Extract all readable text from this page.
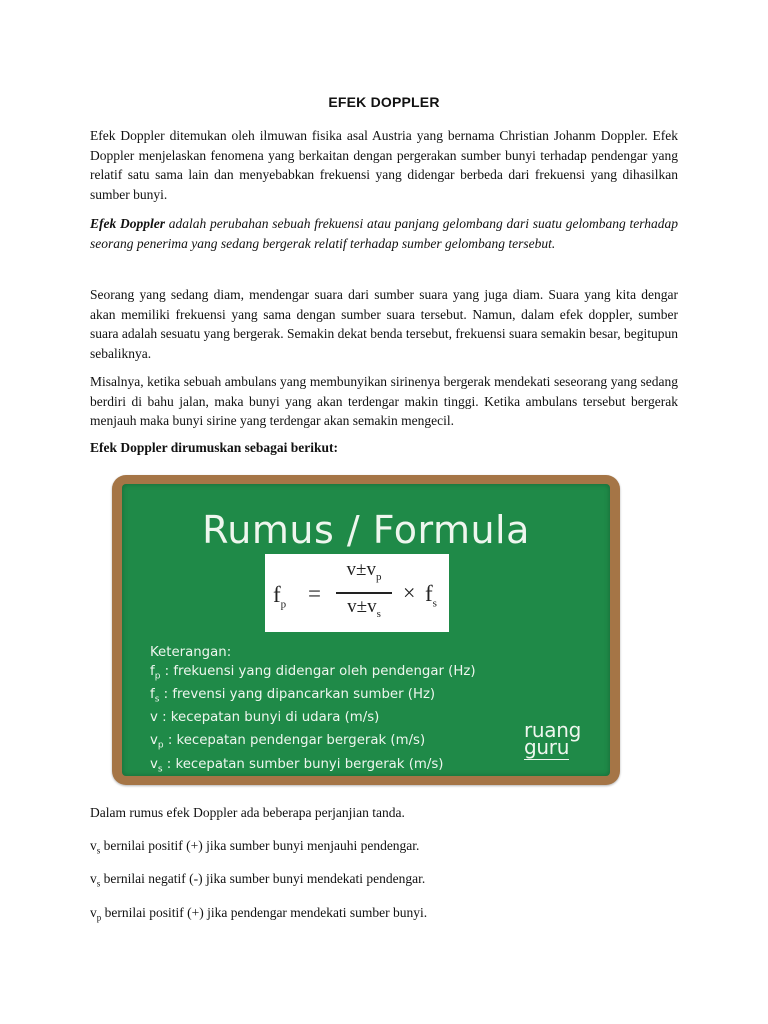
EFEK DOPPLER

Efek Doppler ditemukan oleh ilmuwan fisika asal Austria yang bernama Christian Johanm Doppler. Efek Doppler menjelaskan fenomena yang berkaitan dengan pergerakan sumber bunyi terhadap pendengar yang relatif satu sama lain dan menyebabkan frekuensi yang didengar berbeda dari frekuensi yang dihasilkan sumber bunyi.

Efek Doppler adalah perubahan sebuah frekuensi atau panjang gelombang dari suatu gelombang terhadap seorang penerima yang sedang bergerak relatif terhadap sumber gelombang tersebut.

Seorang yang sedang diam, mendengar suara dari sumber suara yang juga diam. Suara yang kita dengar akan memiliki frekuensi yang sama dengan sumber suara tersebut. Namun, dalam efek doppler, sumber suara adalah sesuatu yang bergerak. Semakin dekat benda tersebut, frekuensi suara semakin besar, begitupun sebaliknya.

Misalnya, ketika sebuah ambulans yang membunyikan sirinenya bergerak mendekati seseorang yang sedang berdiri di bahu jalan, maka bunyi yang akan terdengar makin tinggi. Ketika ambulans tersebut bergerak menjauh maka bunyi sirine yang terdengar akan semakin mengecil.

Efek Doppler dirumuskan sebagai berikut:
Dalam rumus efek Doppler ada beberapa perjanjian tanda.
$v_s$ bernilai positif (+) jika sumber bunyi menjauhi pendengar.
$v_s$ bernilai negatif (-) jika sumber bunyi mendekati pendengar.
$v_p$ bernilai positif (+) jika pendengar mendekati sumber bunyi.
Rumus / Formula
$f_p$ =
$v\pm v_p$
$v\pm v_s$
× $f_s$
Keterangan:
$f_p$ : frekuensi yang didengar oleh pendengar (Hz)
$f_s$ : frevensi yang dipancarkan sumber (Hz)
v : kecepatan bunyi di udara (m/s)
$v_p$ : kecepatan pendengar bergerak (m/s)
$v_s$ : kecepatan sumber bunyi bergerak (m/s)
ruang
guru
